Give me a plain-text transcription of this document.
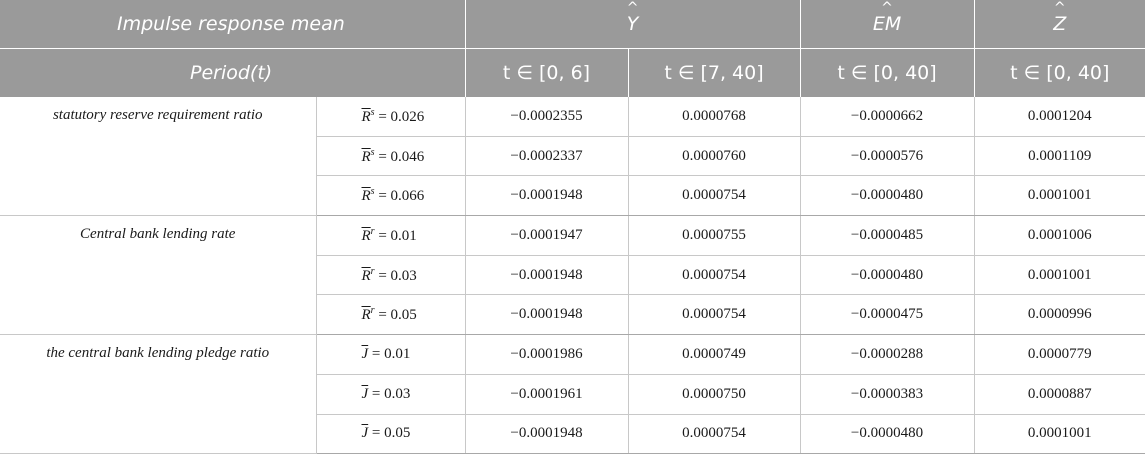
Impulse response mean		^ Y		^ EM	^ Z
Period(t)		t ∈ [0, 6]	t ∈ [7, 40]	t ∈ [0, 40]	t ∈ [0, 40]
statutory reserve requirement ratio	$\overline{R}^s = 0.026$	−0.0002355	0.0000768	−0.0000662	0.0001204
	$\overline{R}^s = 0.046$	−0.0002337	0.0000760	−0.0000576	0.0001109
	$\overline{R}^s = 0.066$	−0.0001948	0.0000754	−0.0000480	0.0001001
Central bank lending rate	$\overline{R}^r = 0.01$	−0.0001947	0.0000755	−0.0000485	0.0001006
	$\overline{R}^r = 0.03$	−0.0001948	0.0000754	−0.0000480	0.0001001
	$\overline{R}^r = 0.05$	−0.0001948	0.0000754	−0.0000475	0.0000996
the central bank lending pledge ratio	$\overline{J} = 0.01$	−0.0001986	0.0000749	−0.0000288	0.0000779
	$\overline{J} = 0.03$	−0.0001961	0.0000750	−0.0000383	0.0000887
	$\overline{J} = 0.05$	−0.0001948	0.0000754	−0.0000480	0.0001001
